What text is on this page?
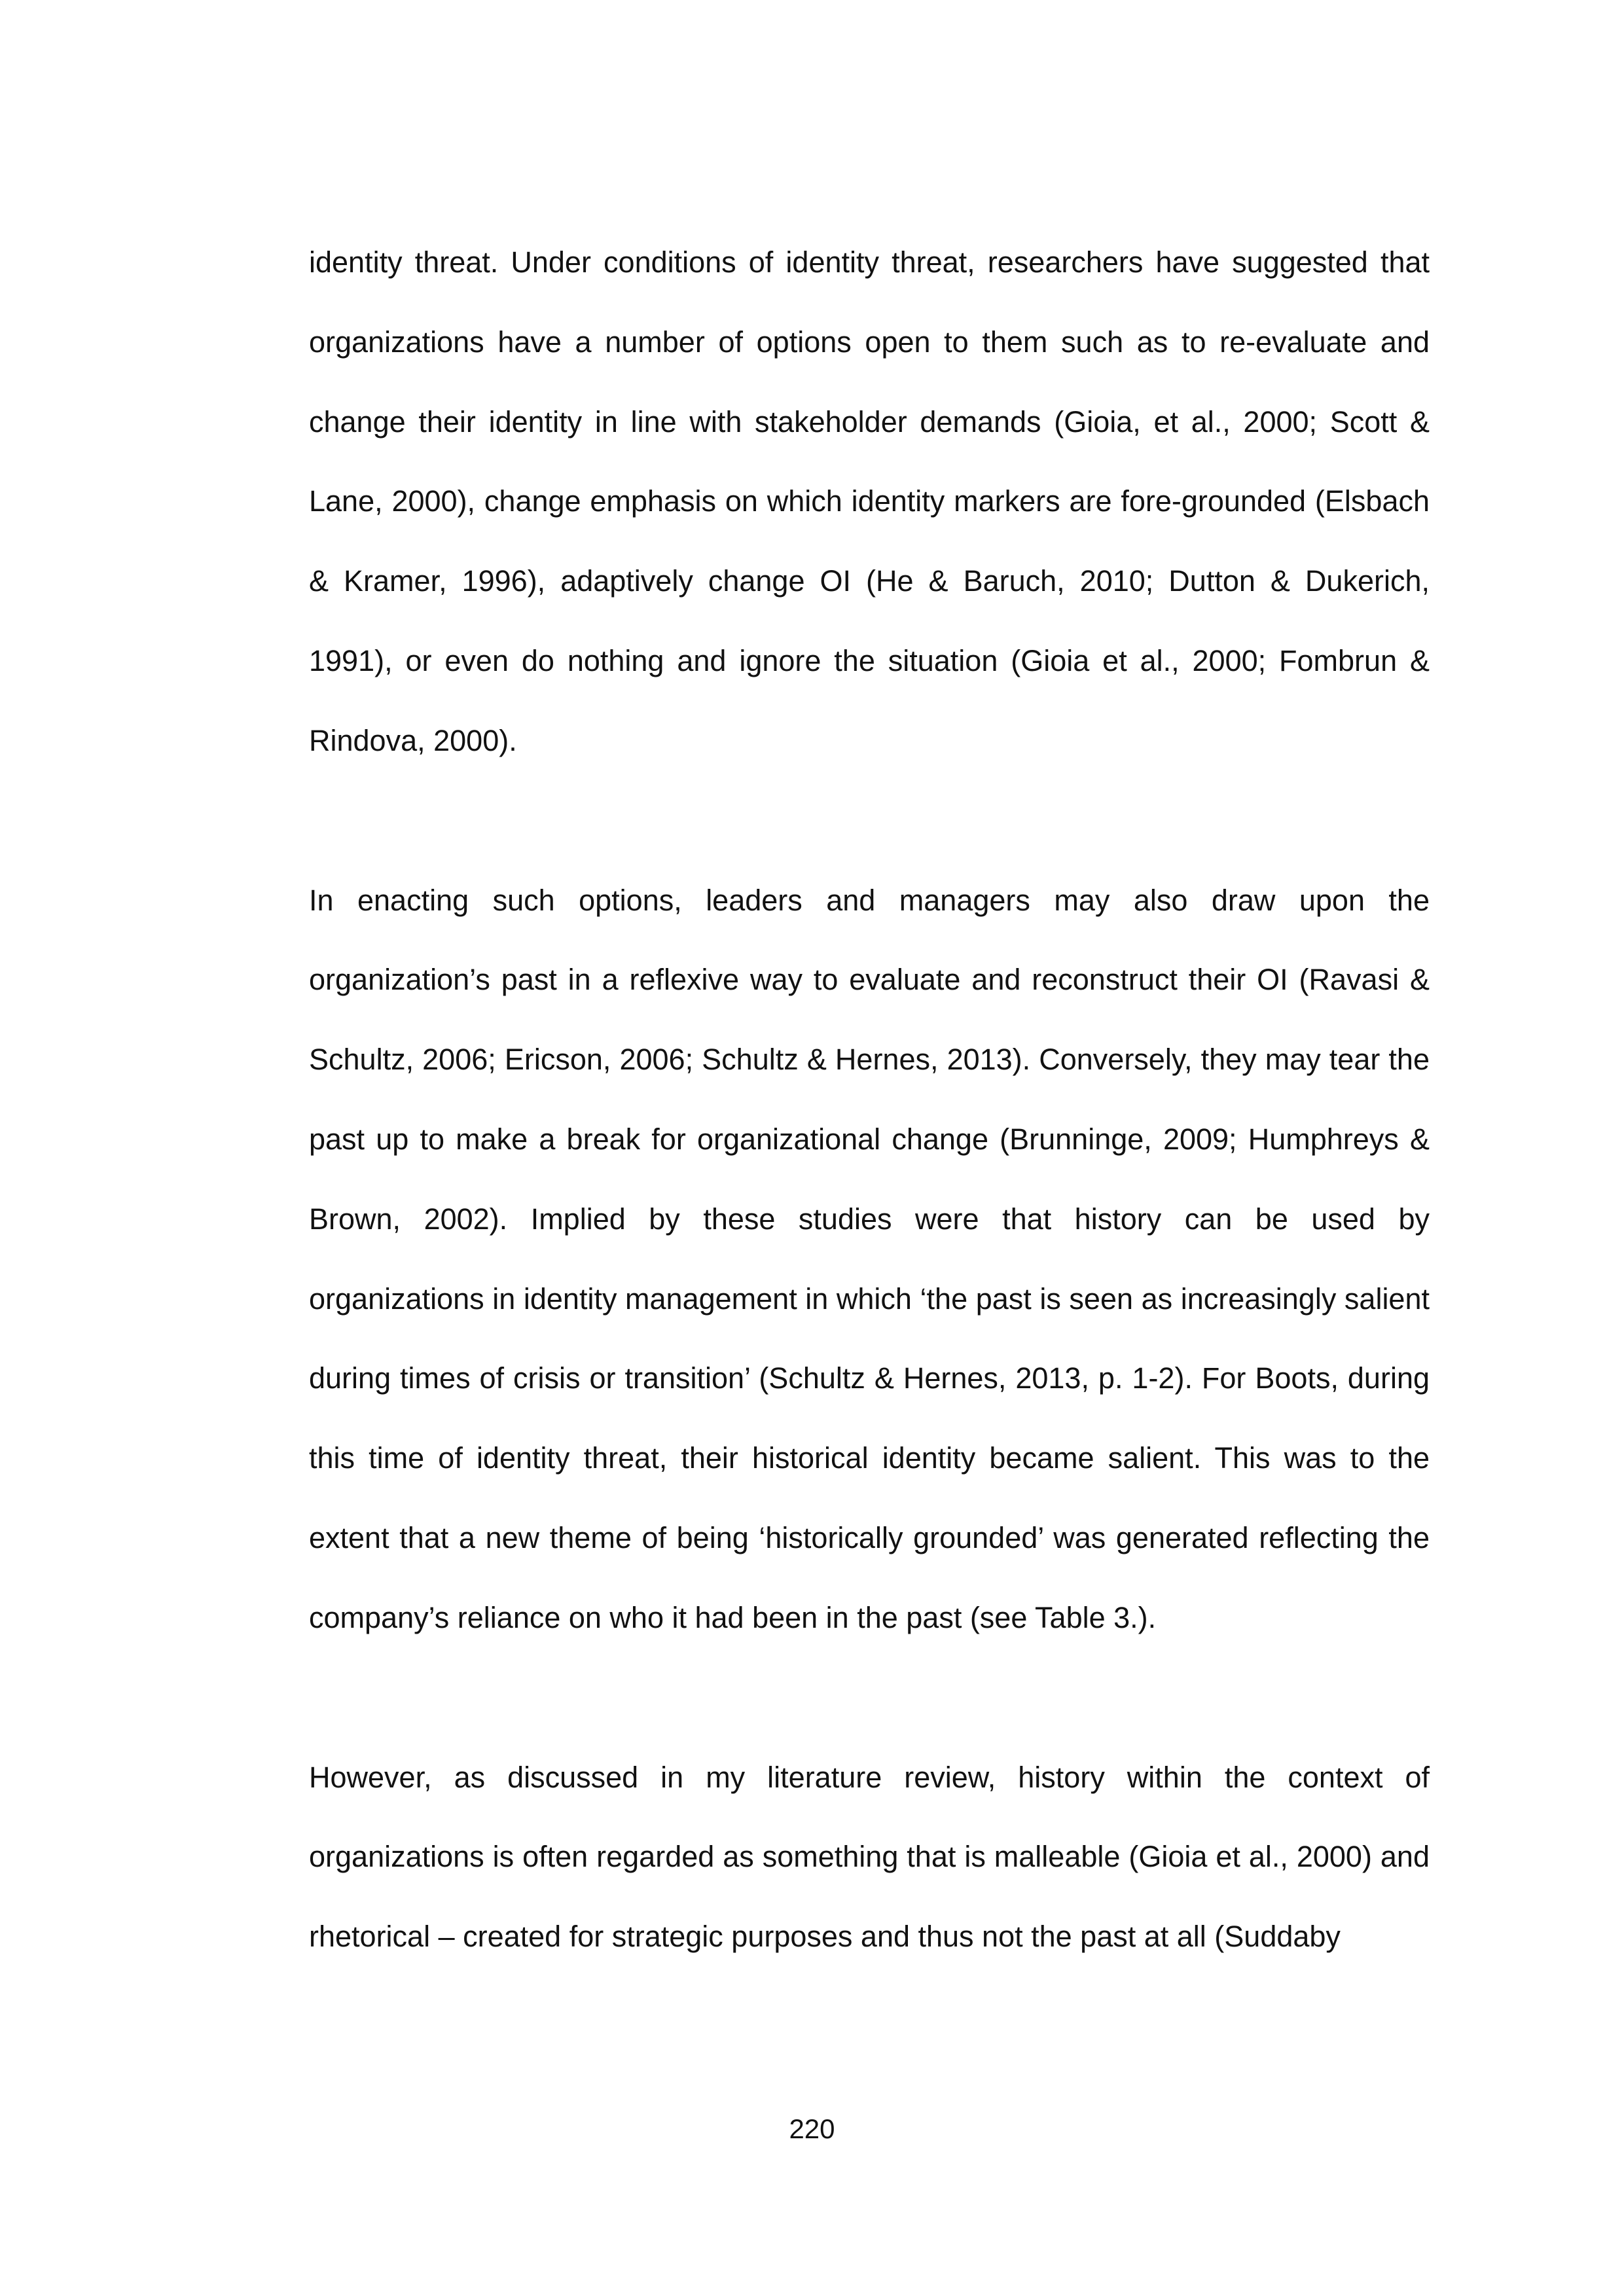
identity threat. Under conditions of identity threat, researchers have suggested that organizations have a number of options open to them such as to re-evaluate and change their identity in line with stakeholder demands (Gioia, et al., 2000; Scott & Lane, 2000), change emphasis on which identity markers are fore-grounded (Elsbach & Kramer, 1996), adaptively change OI (He & Baruch, 2010; Dutton & Dukerich, 1991), or even do nothing and ignore the situation (Gioia et al., 2000; Fombrun & Rindova, 2000).

In enacting such options, leaders and managers may also draw upon the organization’s past in a reflexive way to evaluate and reconstruct their OI (Ravasi & Schultz, 2006; Ericson, 2006; Schultz & Hernes, 2013). Conversely, they may tear the past up to make a break for organizational change (Brunninge, 2009; Humphreys & Brown, 2002). Implied by these studies were that history can be used by organizations in identity management in which ‘the past is seen as increasingly salient during times of crisis or transition’ (Schultz & Hernes, 2013, p. 1-2). For Boots, during this time of identity threat, their historical identity became salient. This was to the extent that a new theme of being ‘historically grounded’ was generated reflecting the company’s reliance on who it had been in the past (see Table 3.).

However, as discussed in my literature review, history within the context of organizations is often regarded as something that is malleable (Gioia et al., 2000) and rhetorical – created for strategic purposes and thus not the past at all (Suddaby

220
